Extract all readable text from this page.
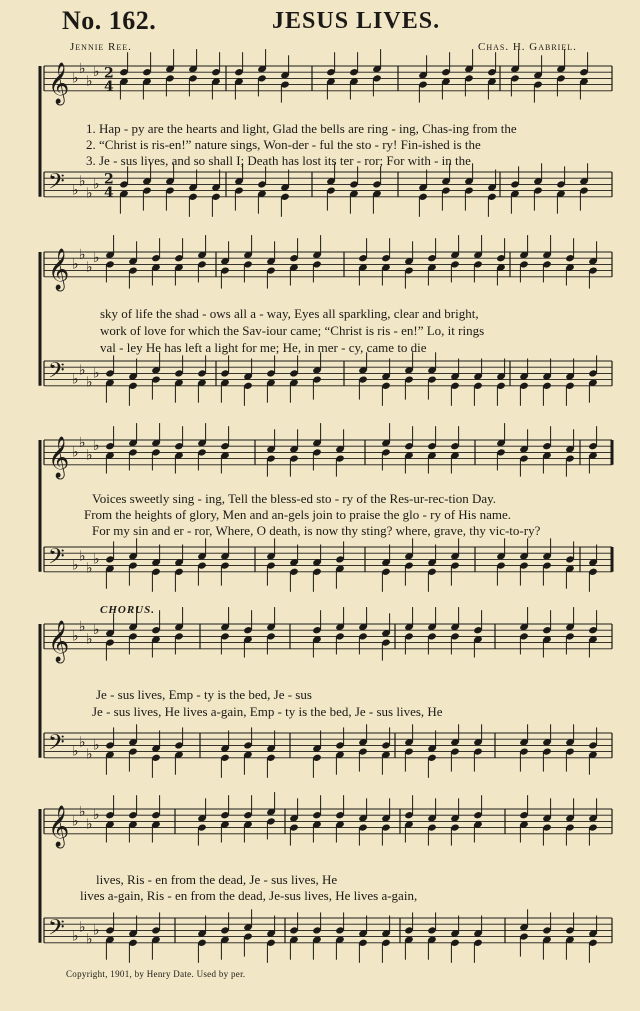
No. 162.	JESUS LIVES.
Jennie Ree.	Chas. H. Gabriel.
𝄞 ♭
♭
♭
♭ 2
4
𝄢 ♭
♭
♭
♭ 2
4
𝄞 ♭
♭
♭
♭
𝄢 ♭
♭
♭
♭
𝄞 ♭
♭
♭
♭
𝄢 ♭
♭
♭
♭
𝄞 ♭
♭
♭
♭
𝄢 ♭
♭
♭
♭
𝄞 ♭
♭
♭
♭
𝄢 ♭
♭
♭
♭
1. Hap - py are the hearts and light, Glad the bells are ring - ing, Chas-ing from the
2. “Christ is ris-en!” nature sings, Won-der - ful the sto - ry! Fin-ished is the
3. Je - sus lives, and so shall I; Death has lost its ter - ror; For with - in the
sky of life the shad - ows all a - way, Eyes all sparkling, clear and bright,
work of love for which the Sav-iour came; “Christ is ris - en!” Lo, it rings
val - ley He has left a light for me; He, in mer - cy, came to die
Voices sweetly sing - ing, Tell the bless-ed sto - ry of the Res-ur-rec-tion Day.
From the heights of glory, Men and an-gels join to praise the glo - ry of His name.
For my sin and er - ror, Where, O death, is now thy sting? where, grave, thy vic-to-ry?
CHORUS.
Je - sus lives, Emp - ty is the bed, Je - sus
Je - sus lives, He lives a-gain, Emp - ty is the bed, Je - sus lives, He
lives, Ris - en from the dead, Je - sus lives, He
lives a-gain, Ris - en from the dead, Je-sus lives, He lives a-gain,
Copyright, 1901, by Henry Date. Used by per.
